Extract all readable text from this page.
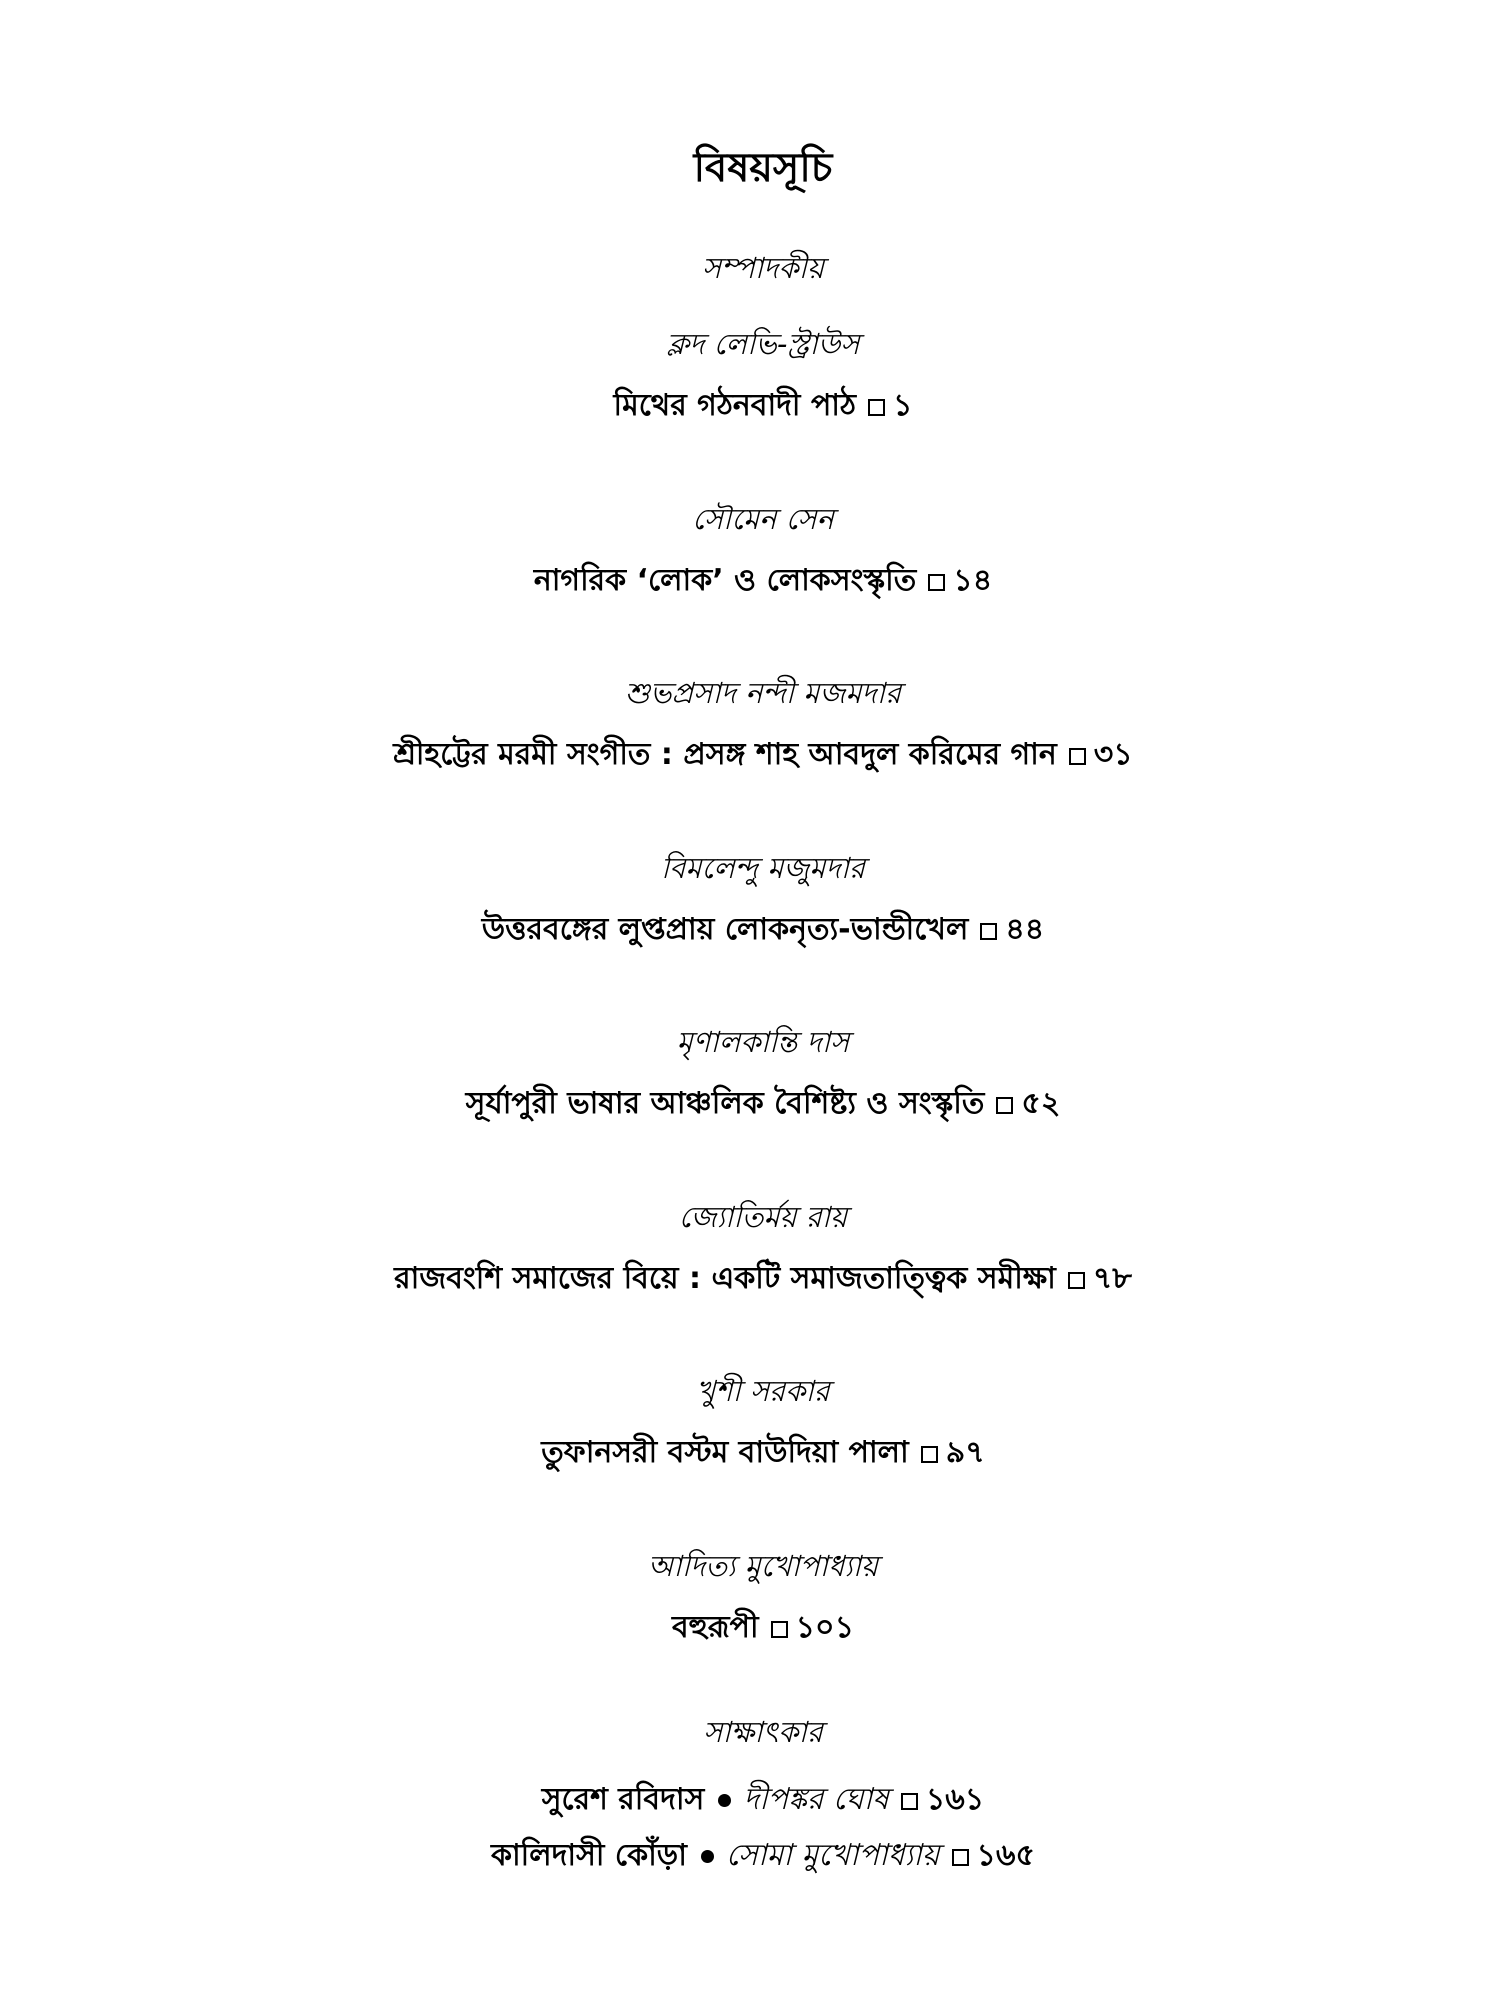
বিষয়সূচি
সম্পাদকীয়
ক্লদ লেভি-স্ট্রাউস
মিথের গঠনবাদী পাঠ ১
সৌমেন সেন
নাগরিক ‘লোক’ ও লোকসংস্কৃতি ১৪
শুভপ্রসাদ নন্দী মজমদার
শ্রীহট্টের মরমী সংগীত : প্রসঙ্গ শাহ আবদুল করিমের গান ৩১
বিমলেন্দু মজুমদার
উত্তরবঙ্গের লুপ্তপ্রায় লোকনৃত্য-ভান্ডীখেল ৪৪
মৃণালকান্তি দাস
সূর্যাপুরী ভাষার আঞ্চলিক বৈশিষ্ট্য ও সংস্কৃতি ৫২
জ্যোতির্ময় রায়
রাজবংশি সমাজের বিয়ে : একটি সমাজতাত্ত্বিক সমীক্ষা ৭৮
খুশী সরকার
তুফানসরী বস্টম বাউদিয়া পালা ৯৭
আদিত্য মুখোপাধ্যায়
বহুরূপী ১০১
সাক্ষাৎকার
সুরেশ রবিদাস দীপঙ্কর ঘোষ ১৬১
কালিদাসী কোঁড়া সোমা মুখোপাধ্যায় ১৬৫
